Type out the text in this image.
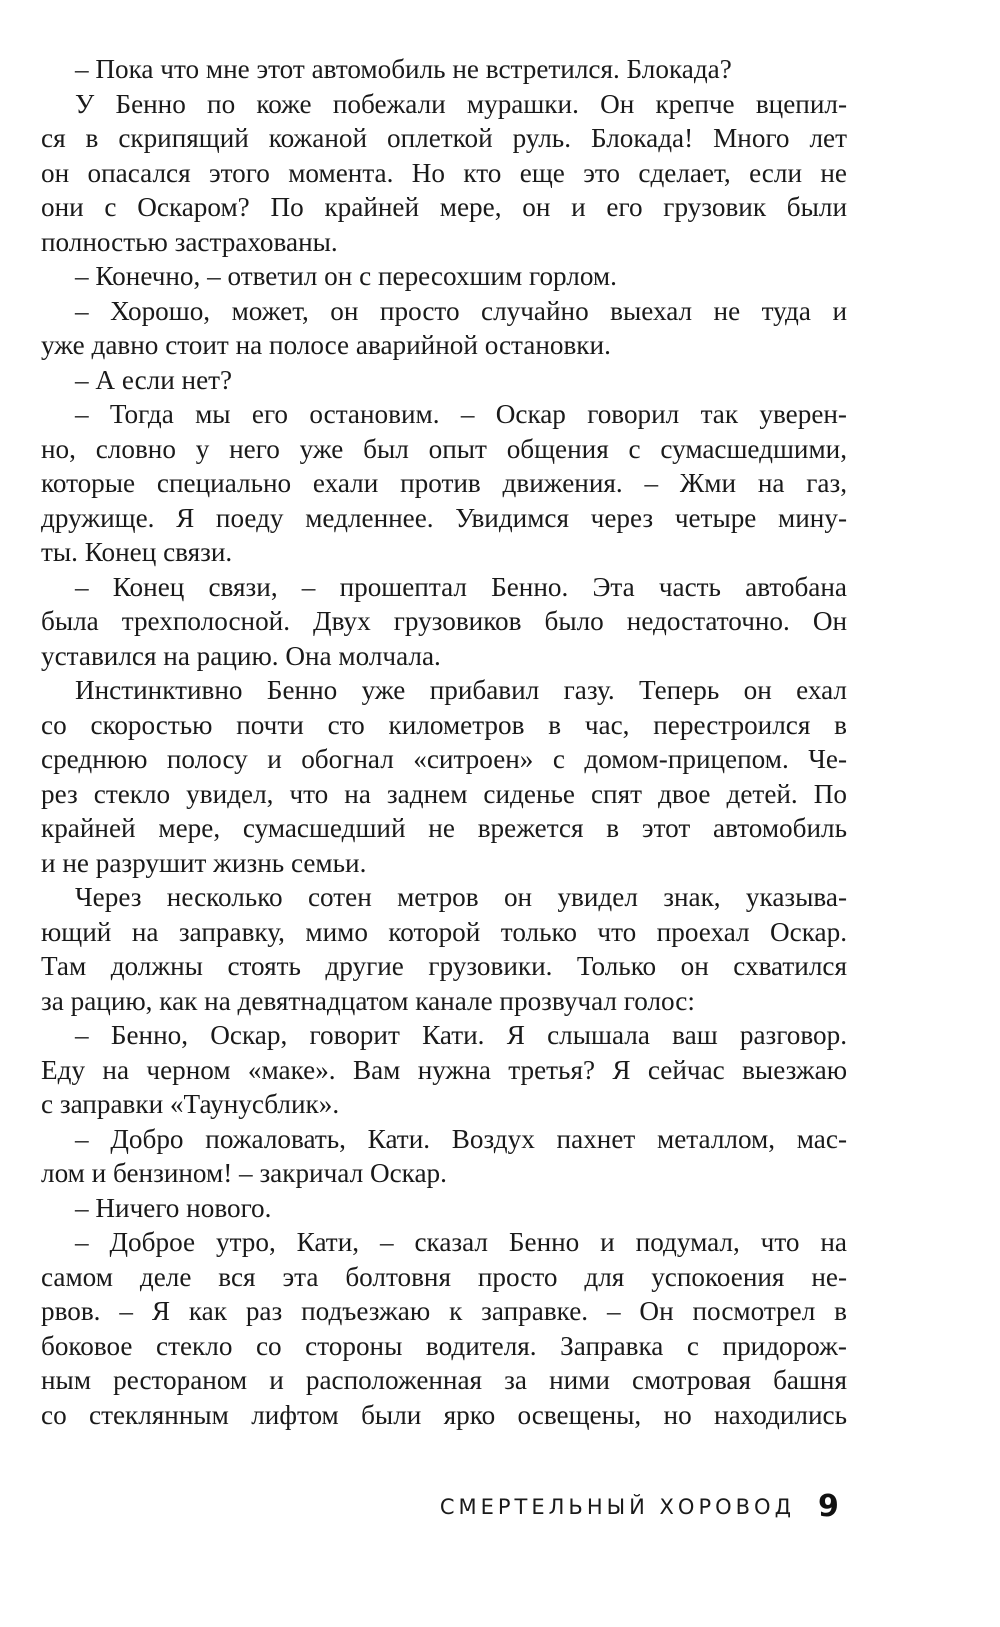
– Пока что мне этот автомобиль не встретился. Блокада?
У Бенно по коже побежали мурашки. Он крепче вцепил-
ся в скрипящий кожаной оплеткой руль. Блокада! Много лет
он опасался этого момента. Но кто еще это сделает, если не
они с Оскаром? По крайней мере, он и его грузовик были
полностью застрахованы.
– Конечно, – ответил он с пересохшим горлом.
– Хорошо, может, он просто случайно выехал не туда и
уже давно стоит на полосе аварийной остановки.
– А если нет?
– Тогда мы его остановим. – Оскар говорил так уверен-
но, словно у него уже был опыт общения с сумасшедшими,
которые специально ехали против движения. – Жми на газ,
дружище. Я поеду медленнее. Увидимся через четыре мину-
ты. Конец связи.
– Конец связи, – прошептал Бенно. Эта часть автобана
была трехполосной. Двух грузовиков было недостаточно. Он
уставился на рацию. Она молчала.
Инстинктивно Бенно уже прибавил газу. Теперь он ехал
со скоростью почти сто километров в час, перестроился в
среднюю полосу и обогнал «ситроен» с домом-прицепом. Че-
рез стекло увидел, что на заднем сиденье спят двое детей. По
крайней мере, сумасшедший не врежется в этот автомобиль
и не разрушит жизнь семьи.
Через несколько сотен метров он увидел знак, указыва-
ющий на заправку, мимо которой только что проехал Оскар.
Там должны стоять другие грузовики. Только он схватился
за рацию, как на девятнадцатом канале прозвучал голос:
– Бенно, Оскар, говорит Кати. Я слышала ваш разговор.
Еду на черном «маке». Вам нужна третья? Я сейчас выезжаю
с заправки «Таунусблик».
– Добро пожаловать, Кати. Воздух пахнет металлом, мас-
лом и бензином! – закричал Оскар.
– Ничего нового.
– Доброе утро, Кати, – сказал Бенно и подумал, что на
самом деле вся эта болтовня просто для успокоения не-
рвов. – Я как раз подъезжаю к заправке. – Он посмотрел в
боковое стекло со стороны водителя. Заправка с придорож-
ным рестораном и расположенная за ними смотровая башня
со стеклянным лифтом были ярко освещены, но находились
СМЕРТЕЛЬНЫЙ ХОРОВОД 9
